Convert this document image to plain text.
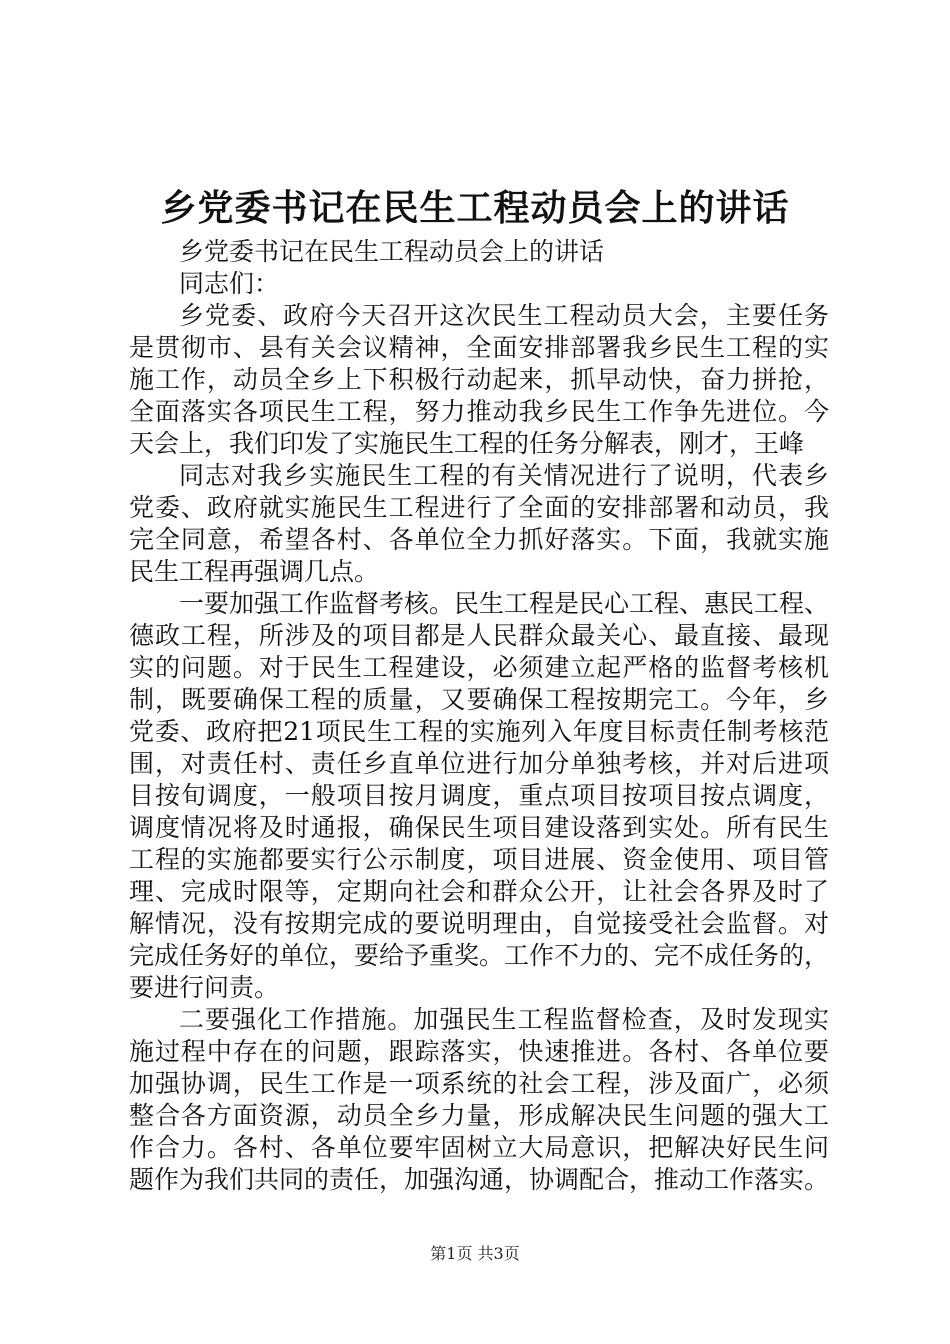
乡党委书记在民生工程动员会上的讲话
乡党委书记在民生工程动员会上的讲话
同志们：
乡党委、政府今天召开这次民生工程动员大会，主要任务
是贯彻市、县有关会议精神，全面安排部署我乡民生工程的实
施工作，动员全乡上下积极行动起来，抓早动快，奋力拼抢，
全面落实各项民生工程，努力推动我乡民生工作争先进位。今
天会上，我们印发了实施民生工程的任务分解表，刚才，王峰
同志对我乡实施民生工程的有关情况进行了说明，代表乡
党委、政府就实施民生工程进行了全面的安排部署和动员，我
完全同意，希望各村、各单位全力抓好落实。下面，我就实施
民生工程再强调几点。
一要加强工作监督考核。民生工程是民心工程、惠民工程、
德政工程，所涉及的项目都是人民群众最关心、最直接、最现
实的问题。对于民生工程建设，必须建立起严格的监督考核机
制，既要确保工程的质量，又要确保工程按期完工。今年，乡
党委、政府把21项民生工程的实施列入年度目标责任制考核范
围，对责任村、责任乡直单位进行加分单独考核，并对后进项
目按旬调度，一般项目按月调度，重点项目按项目按点调度，
调度情况将及时通报，确保民生项目建设落到实处。所有民生
工程的实施都要实行公示制度，项目进展、资金使用、项目管
理、完成时限等，定期向社会和群众公开，让社会各界及时了
解情况，没有按期完成的要说明理由，自觉接受社会监督。对
完成任务好的单位，要给予重奖。工作不力的、完不成任务的，
要进行问责。
二要强化工作措施。加强民生工程监督检查，及时发现实
施过程中存在的问题，跟踪落实，快速推进。各村、各单位要
加强协调，民生工作是一项系统的社会工程，涉及面广，必须
整合各方面资源，动员全乡力量，形成解决民生问题的强大工
作合力。各村、各单位要牢固树立大局意识，把解决好民生问
题作为我们共同的责任，加强沟通，协调配合，推动工作落实。
第1页 共3页
